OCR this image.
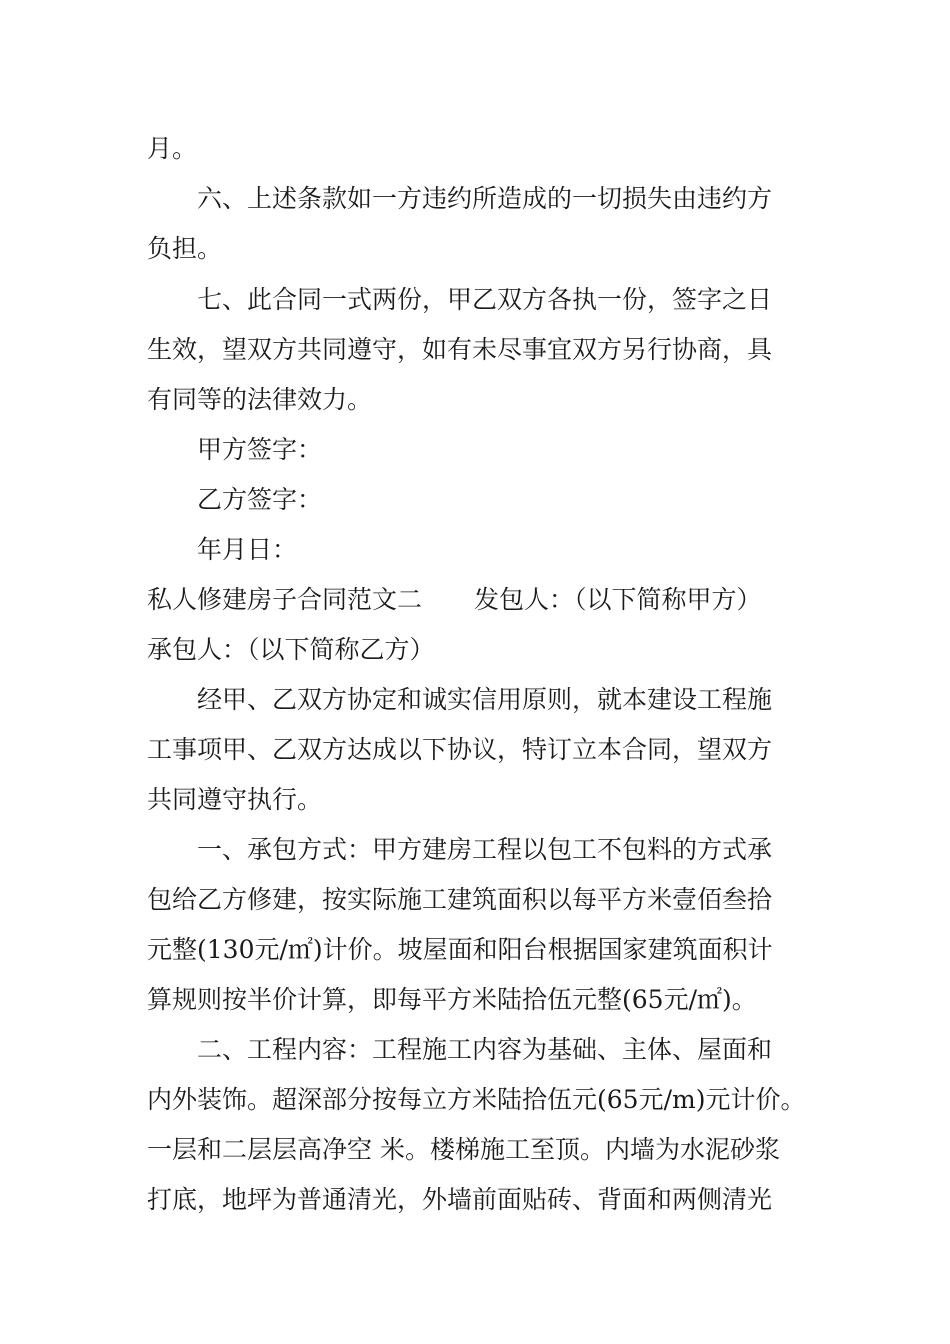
月。
六、上述条款如一方违约所造成的一切损失由违约方
负担。
七、此合同一式两份，甲乙双方各执一份，签字之日
生效，望双方共同遵守，如有未尽事宜双方另行协商，具
有同等的法律效力。
甲方签字：
乙方签字：
年月日：
私人修建房子合同范文二 发包人：（以下简称甲方）
承包人：（以下简称乙方）
经甲、乙双方协定和诚实信用原则，就本建设工程施
工事项甲、乙双方达成以下协议，特订立本合同，望双方
共同遵守执行。
一、承包方式：甲方建房工程以包工不包料的方式承
包给乙方修建，按实际施工建筑面积以每平方米壹佰叁拾
元整(130元/㎡)计价。坡屋面和阳台根据国家建筑面积计
算规则按半价计算，即每平方米陆拾伍元整(65元/㎡)。
二、工程内容：工程施工内容为基础、主体、屋面和
内外装饰。超深部分按每立方米陆拾伍元(65元/m)元计价。
一层和二层层高净空 米。楼梯施工至顶。内墙为水泥砂浆
打底，地坪为普通清光，外墙前面贴砖、背面和两侧清光
